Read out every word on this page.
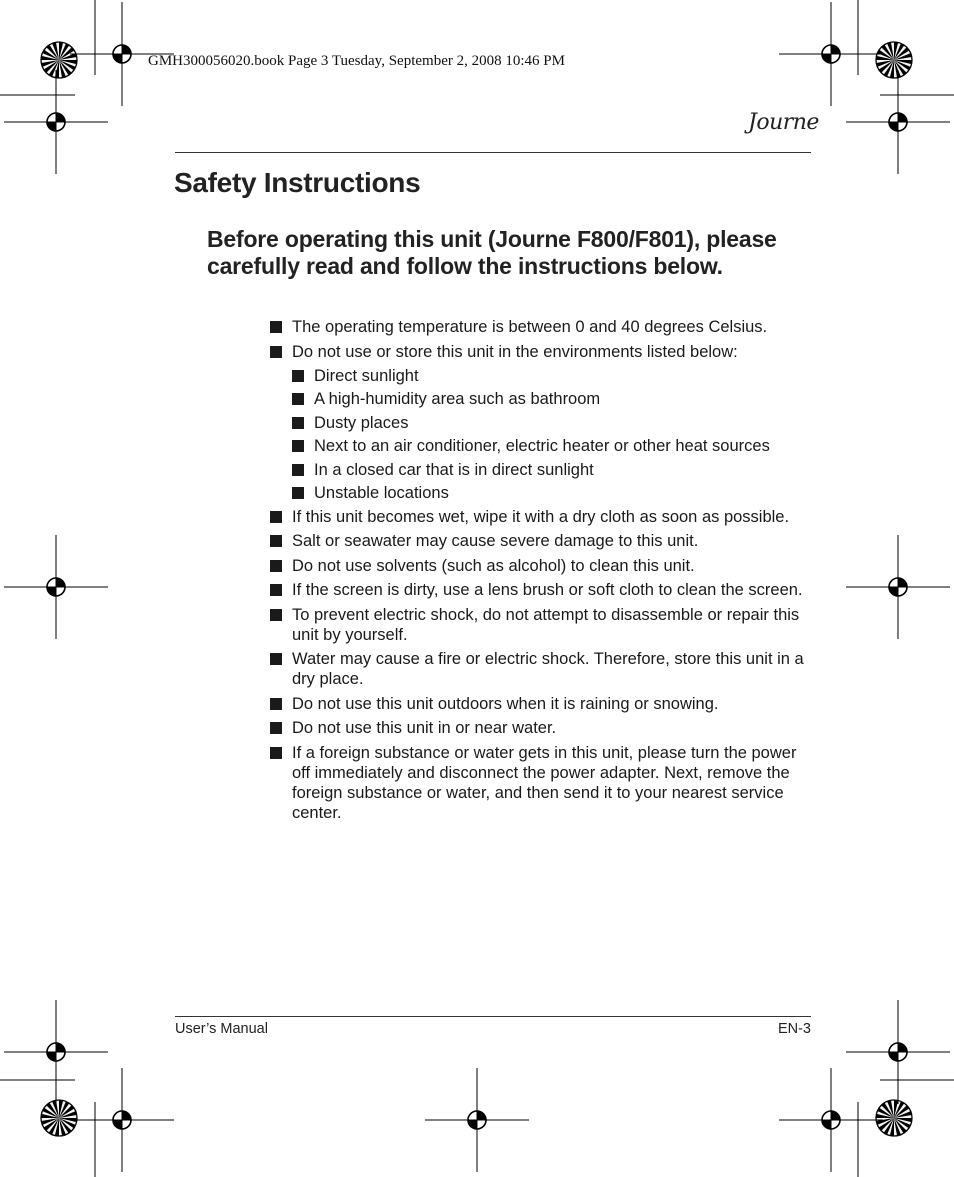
GMH300056020.book Page 3 Tuesday, September 2, 2008 10:46 PM
Journe
Safety Instructions

Before operating this unit (Journe F800/F801), please carefully read and follow the instructions below.

The operating temperature is between 0 and 40 degrees Celsius.
Do not use or store this unit in the environments listed below:
Direct sunlight
A high-humidity area such as bathroom
Dusty places
Next to an air conditioner, electric heater or other heat sources
In a closed car that is in direct sunlight
Unstable locations
If this unit becomes wet, wipe it with a dry cloth as soon as possible.
Salt or seawater may cause severe damage to this unit.
Do not use solvents (such as alcohol) to clean this unit.
If the screen is dirty, use a lens brush or soft cloth to clean the screen.
To prevent electric shock, do not attempt to disassemble or repair this unit by yourself.
Water may cause a fire or electric shock. Therefore, store this unit in a dry place.
Do not use this unit outdoors when it is raining or snowing.
Do not use this unit in or near water.
If a foreign substance or water gets in this unit, please turn the power off immediately and disconnect the power adapter. Next, remove the foreign substance or water, and then send it to your nearest service center.
User’s Manual	EN-3
